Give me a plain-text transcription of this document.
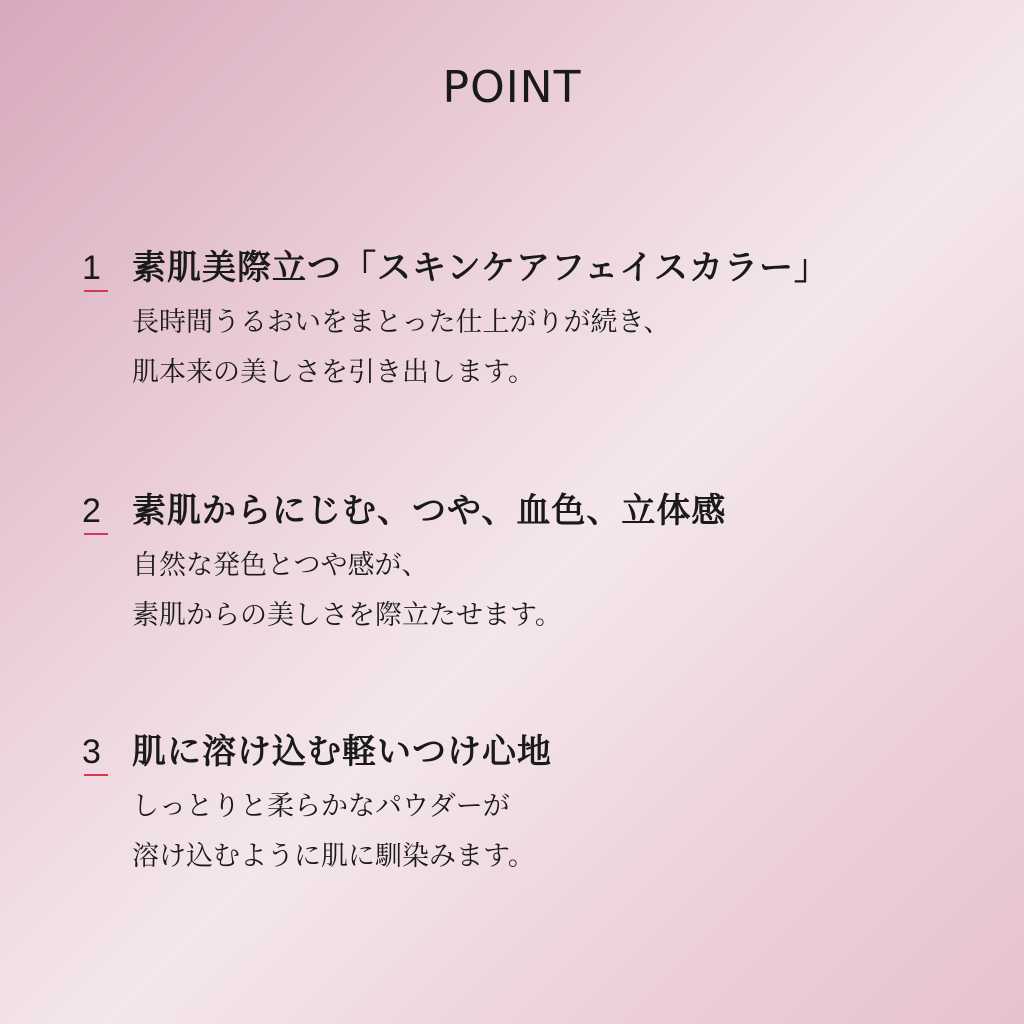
POINT
1 素肌美際立つ「スキンケアフェイスカラー」
長時間うるおいをまとった仕上がりが続き、
肌本来の美しさを引き出します。
2 素肌からにじむ、つや、血色、立体感
自然な発色とつや感が、
素肌からの美しさを際立たせます。
3 肌に溶け込む軽いつけ心地
しっとりと柔らかなパウダーが
溶け込むように肌に馴染みます。
